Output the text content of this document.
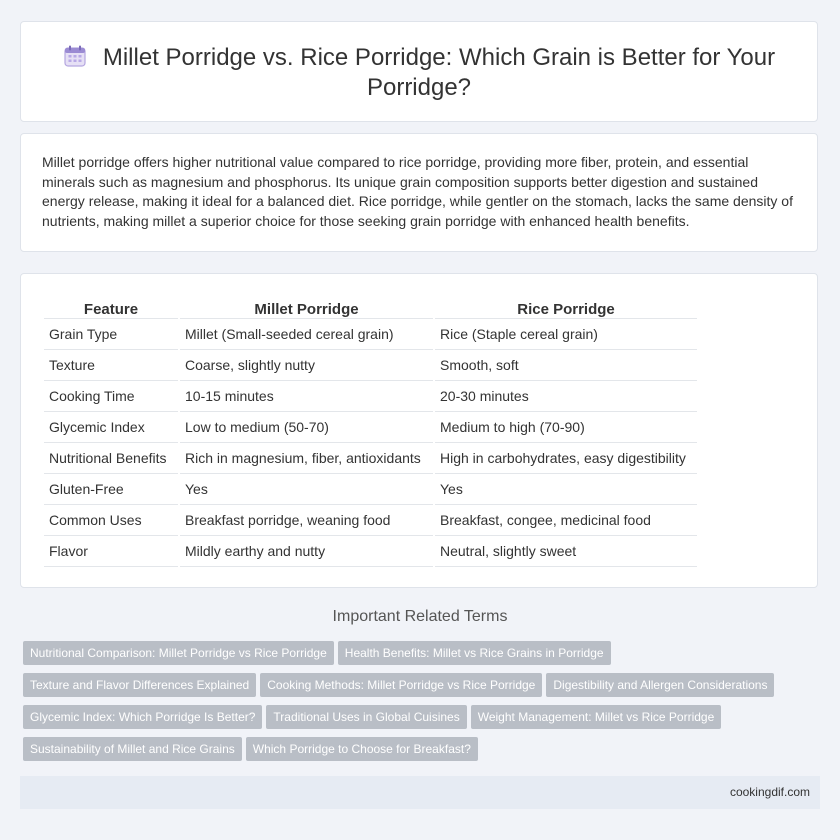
Millet Porridge vs. Rice Porridge: Which Grain is Better for Your Porridge?

Millet porridge offers higher nutritional value compared to rice porridge, providing more fiber, protein, and essential minerals such as magnesium and phosphorus. Its unique grain composition supports better digestion and sustained energy release, making it ideal for a balanced diet. Rice porridge, while gentler on the stomach, lacks the same density of nutrients, making millet a superior choice for those seeking grain porridge with enhanced health benefits.

Feature	Millet Porridge	Rice Porridge
Grain Type	Millet (Small-seeded cereal grain)	Rice (Staple cereal grain)
Texture	Coarse, slightly nutty	Smooth, soft
Cooking Time	10-15 minutes	20-30 minutes
Glycemic Index	Low to medium (50-70)	Medium to high (70-90)
Nutritional Benefits	Rich in magnesium, fiber, antioxidants	High in carbohydrates, easy digestibility
Gluten-Free	Yes	Yes
Common Uses	Breakfast porridge, weaning food	Breakfast, congee, medicinal food
Flavor	Mildly earthy and nutty	Neutral, slightly sweet
Important Related Terms
Nutritional Comparison: Millet Porridge vs Rice Porridge Health Benefits: Millet vs Rice Grains in Porridge
Texture and Flavor Differences Explained Cooking Methods: Millet Porridge vs Rice Porridge Digestibility and Allergen Considerations
Glycemic Index: Which Porridge Is Better? Traditional Uses in Global Cuisines Weight Management: Millet vs Rice Porridge
Sustainability of Millet and Rice Grains Which Porridge to Choose for Breakfast?
cookingdif.com
